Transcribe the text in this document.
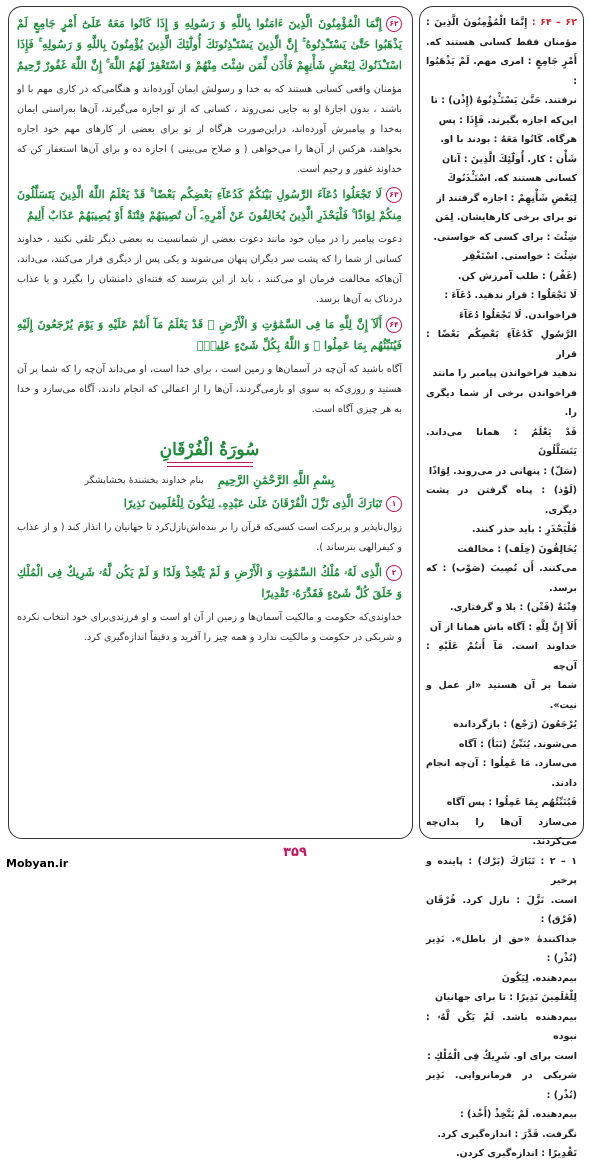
۶۲إِنَّمَا الْمُؤْمِنُونَ الَّذِينَ ءَامَنُوا بِاللَّهِ وَ رَسُولِهِ وَ إِذَا كَانُوا مَعَهُ عَلَىٰٓ أَمْرٍ جَامِعٍ لَمْ يَذْهَبُوا حَتَّىٰ يَسْتَـْٔذِنُوهُ ۚ إِنَّ الَّذِينَ يَسْتَـْٔذِنُونَكَ أُولَٰٓئِكَ الَّذِينَ يُؤْمِنُونَ بِاللَّهِ وَ رَسُولِهِ ۚ فَإِذَا اسْتَـْٔذَنُوكَ لِبَعْضِ شَأْنِهِمْ فَأْذَن لِّمَن شِئْتَ مِنْهُمْ وَ اسْتَغْفِرْ لَهُمُ اللَّهَ ۚ إِنَّ اللَّهَ غَفُورٌ رَّحِيمٌ

مؤمنان واقعی کسانی هستند که به خدا و رسولش ایمان آورده‌اند و هنگامی‌که در کاری مهم با او باشند ، بدون اجازهٔ او به جایی نمی‌روند ، کسانی که از تو اجازه می‌گیرند، آن‌ها به‌راستی ایمان به‌خدا و پیامبرش آورده‌اند، دراین‌صورت هرگاه از تو برای بعضی از کارهای مهم خود اجازه بخواهند، هرکس از آن‌ها را می‌خواهی ( و صلاح می‌بینی ) اجازه ده و برای آن‌ها استغفار کن که خداوند غفور و رحیم است.

۶۳لَا تَجْعَلُوا دُعَآءَ الرَّسُولِ بَيْنَكُمْ كَدُعَآءِ بَعْضِكُم بَعْضًا ۚ قَدْ يَعْلَمُ اللَّهُ الَّذِينَ يَتَسَلَّلُونَ مِنكُمْ لِوَاذًا ۚ فَلْيَحْذَرِ الَّذِينَ يُخَالِفُونَ عَنْ أَمْرِهِۦٓ أَن تُصِيبَهُمْ فِتْنَةٌ أَوْ يُصِيبَهُمْ عَذَابٌ أَلِيمٌ

دعوت پیامبر را در میان خود مانند دعوت بعضی از شما‌نسبت به بعضی دیگر تلقی نکنید ، خداوند کسانی از شما را که پشت سر دیگران پنهان می‌شوند و یکی پس از دیگری فرار می‌کنند، می‌داند، آن‌هاکه مخالفت فرمان او می‌کنند ، باید از این بترسند که فتنه‌ای دامنشان را بگیرد و یا عذاب دردناک به آن‌ها برسد.

۶۴أَلَآ إِنَّ لِلَّهِ مَا فِى السَّمَٰوَٰتِ وَ الْأَرْضِ ۖ قَدْ يَعْلَمُ مَآ أَنتُمْ عَلَيْهِ وَ يَوْمَ يُرْجَعُونَ إِلَيْهِ فَيُنَبِّئُهُم بِمَا عَمِلُوا ۗ وَ اللَّهُ بِكُلِّ شَىْءٍ عَلِيمٌۢ

آگاه باشید که آن‌چه در آسمان‌ها و زمین است ، برای خدا است، او می‌داند آن‌چه را که شما بر آن هستید و روزی‌که به سوی او بازمی‌گردند، آن‌ها را از اعمالی که انجام دادند، آگاه می‌سازد و خدا به هر چیزی آگاه است.

سُورَةُ الْفُرْقَانِ
بِسْمِ اللَّهِ الرَّحْمَٰنِ الرَّحِيمِ
بنام خداوند بخشندهٔ بخشایشگر

۱تَبَارَكَ الَّذِى نَزَّلَ الْفُرْقَانَ عَلَىٰ عَبْدِهِۦ لِيَكُونَ لِلْعَٰلَمِينَ نَذِيرًا

زوال‌ناپذیر و پربرکت است کسی‌که قرآن را بر بنده‌اش‌نازل‌کرد تا جهانیان را انذار کند ( و از عذاب و کیفرالهی بترساند ).

۲الَّذِى لَهُۥ مُلْكُ السَّمَٰوَٰتِ وَ الْأَرْضِ وَ لَمْ يَتَّخِذْ وَلَدًا وَ لَمْ يَكُن لَّهُۥ شَرِيكٌ فِى الْمُلْكِ وَ خَلَقَ كُلَّ شَىْءٍ فَقَدَّرَهُۥ تَقْدِيرًا

خداوندی‌که حکومت و مالکیت آسمان‌ها و زمین از آن او است و او فرزندی‌برای خود انتخاب نکرده و شریکی در حکومت و مالکیت ندارد و همه چیز را آفرید و دقیقاً اندازه‌گیری کرد.

۶۲ – ۶۴ : إِنَّمَا الْمُؤْمِنُونَ الَّذِينَ : مؤمنان فقط کسانی هستند که. أَمْرٍ جَامِعٍ : امری مهم. لَمْ يَذْهَبُوا :

نرفتند. حَتَّىٰ يَسْتَـْٔذِنُوهُ (إِذْن) : تا

این‌که اجازه بگیرند. فَإِذَا : پس

هرگاه. كَانُوا مَعَهُ : بودند با او.

شَأْن : کار. أُولَٰٓئِكَ الَّذِينَ : آنان

کسانی هستند که. اسْتَـْٔذَنُوكَ

لِبَعْضِ شَأْنِهِمْ : اجازه گرفتند از

تو برای برخی کارهایشان. لِمَن

شِئْتَ : برای کسی که خواستی.

شِئْتَ : خواستی. اسْتَغْفِر

(غَفْر) : طلب آمرزش کن.

لَا تَجْعَلُوا : قرار ندهید. دُعَآءَ :

فراخواندن. لَا تَجْعَلُوا دُعَآءَ

الرَّسُولِ كَدُعَآءِ بَعْضِكُم بَعْضًا : قرار

ندهید فراخواندن پیامبر را مانند

فراخواندن برخی از شما دیگری را.

قَدْ يَعْلَمُ : همانا می‌داند. يَتَسَلَّلُونَ

(سَلّ) : پنهانی در می‌روند. لِوَاذًا

(لَوْذ) : پناه گرفتن در پشت دیگری.

فَلْيَحْذَرِ : باید حذر کنند.

يُخَالِفُونَ (خِلَف) : مخالفت

می‌کنند. أَن تُصِيبَ (صَوْب) : که برسد.

فِتْنَةٌ (فَتْن) : بلا و گرفتاری.

أَلَآ إِنَّ لِلَّهِ : آگاه باش همانا از آن

خداوند است. مَآ أَنتُمْ عَلَيْهِ : آن‌چه

شما بر آن هستید «از عمل و نیت».

يُرْجَعُونَ (رَجْع) : بازگردانده

می‌شوند. يُنَبِّئُ (نَبَأ) : آگاه

می‌سازد. مَا عَمِلُوا : آن‌چه انجام دادند.

فَيُنَبِّئُهُم بِمَا عَمِلُوا : پس آگاه

می‌سازد آن‌ها را بدان‌چه می‌کردند.

۱ – ۲ : تَبَارَكَ (بَرْك) : پاینده و پرخیر

است. نَزَّلَ : نازل کرد. فُرْقَان (فَرْق) :

جداکنندهٔ «حق از باطل». نَذِير (نُذْر) :

بیم‌دهنده. لِيَكُونَ

لِلْعَٰلَمِينَ نَذِيرًا : تا برای جهانیان

بیم‌دهنده باشد. لَمْ يَكُن لَّهُۥ : نبوده

است برای او. شَرِيكٌ فِى الْمُلْكِ :

شریکی در فرمانروایی. نَذِير (نُذْر) :

بیم‌دهنده. لَمْ يَتَّخِذْ (أَخْذ) :

نگرفت. قَدَّرَ : اندازه‌گیری کرد.

تَقْدِيرًا : اندازه‌گیری کردن.

۳۵۹
Mobyan.ir
